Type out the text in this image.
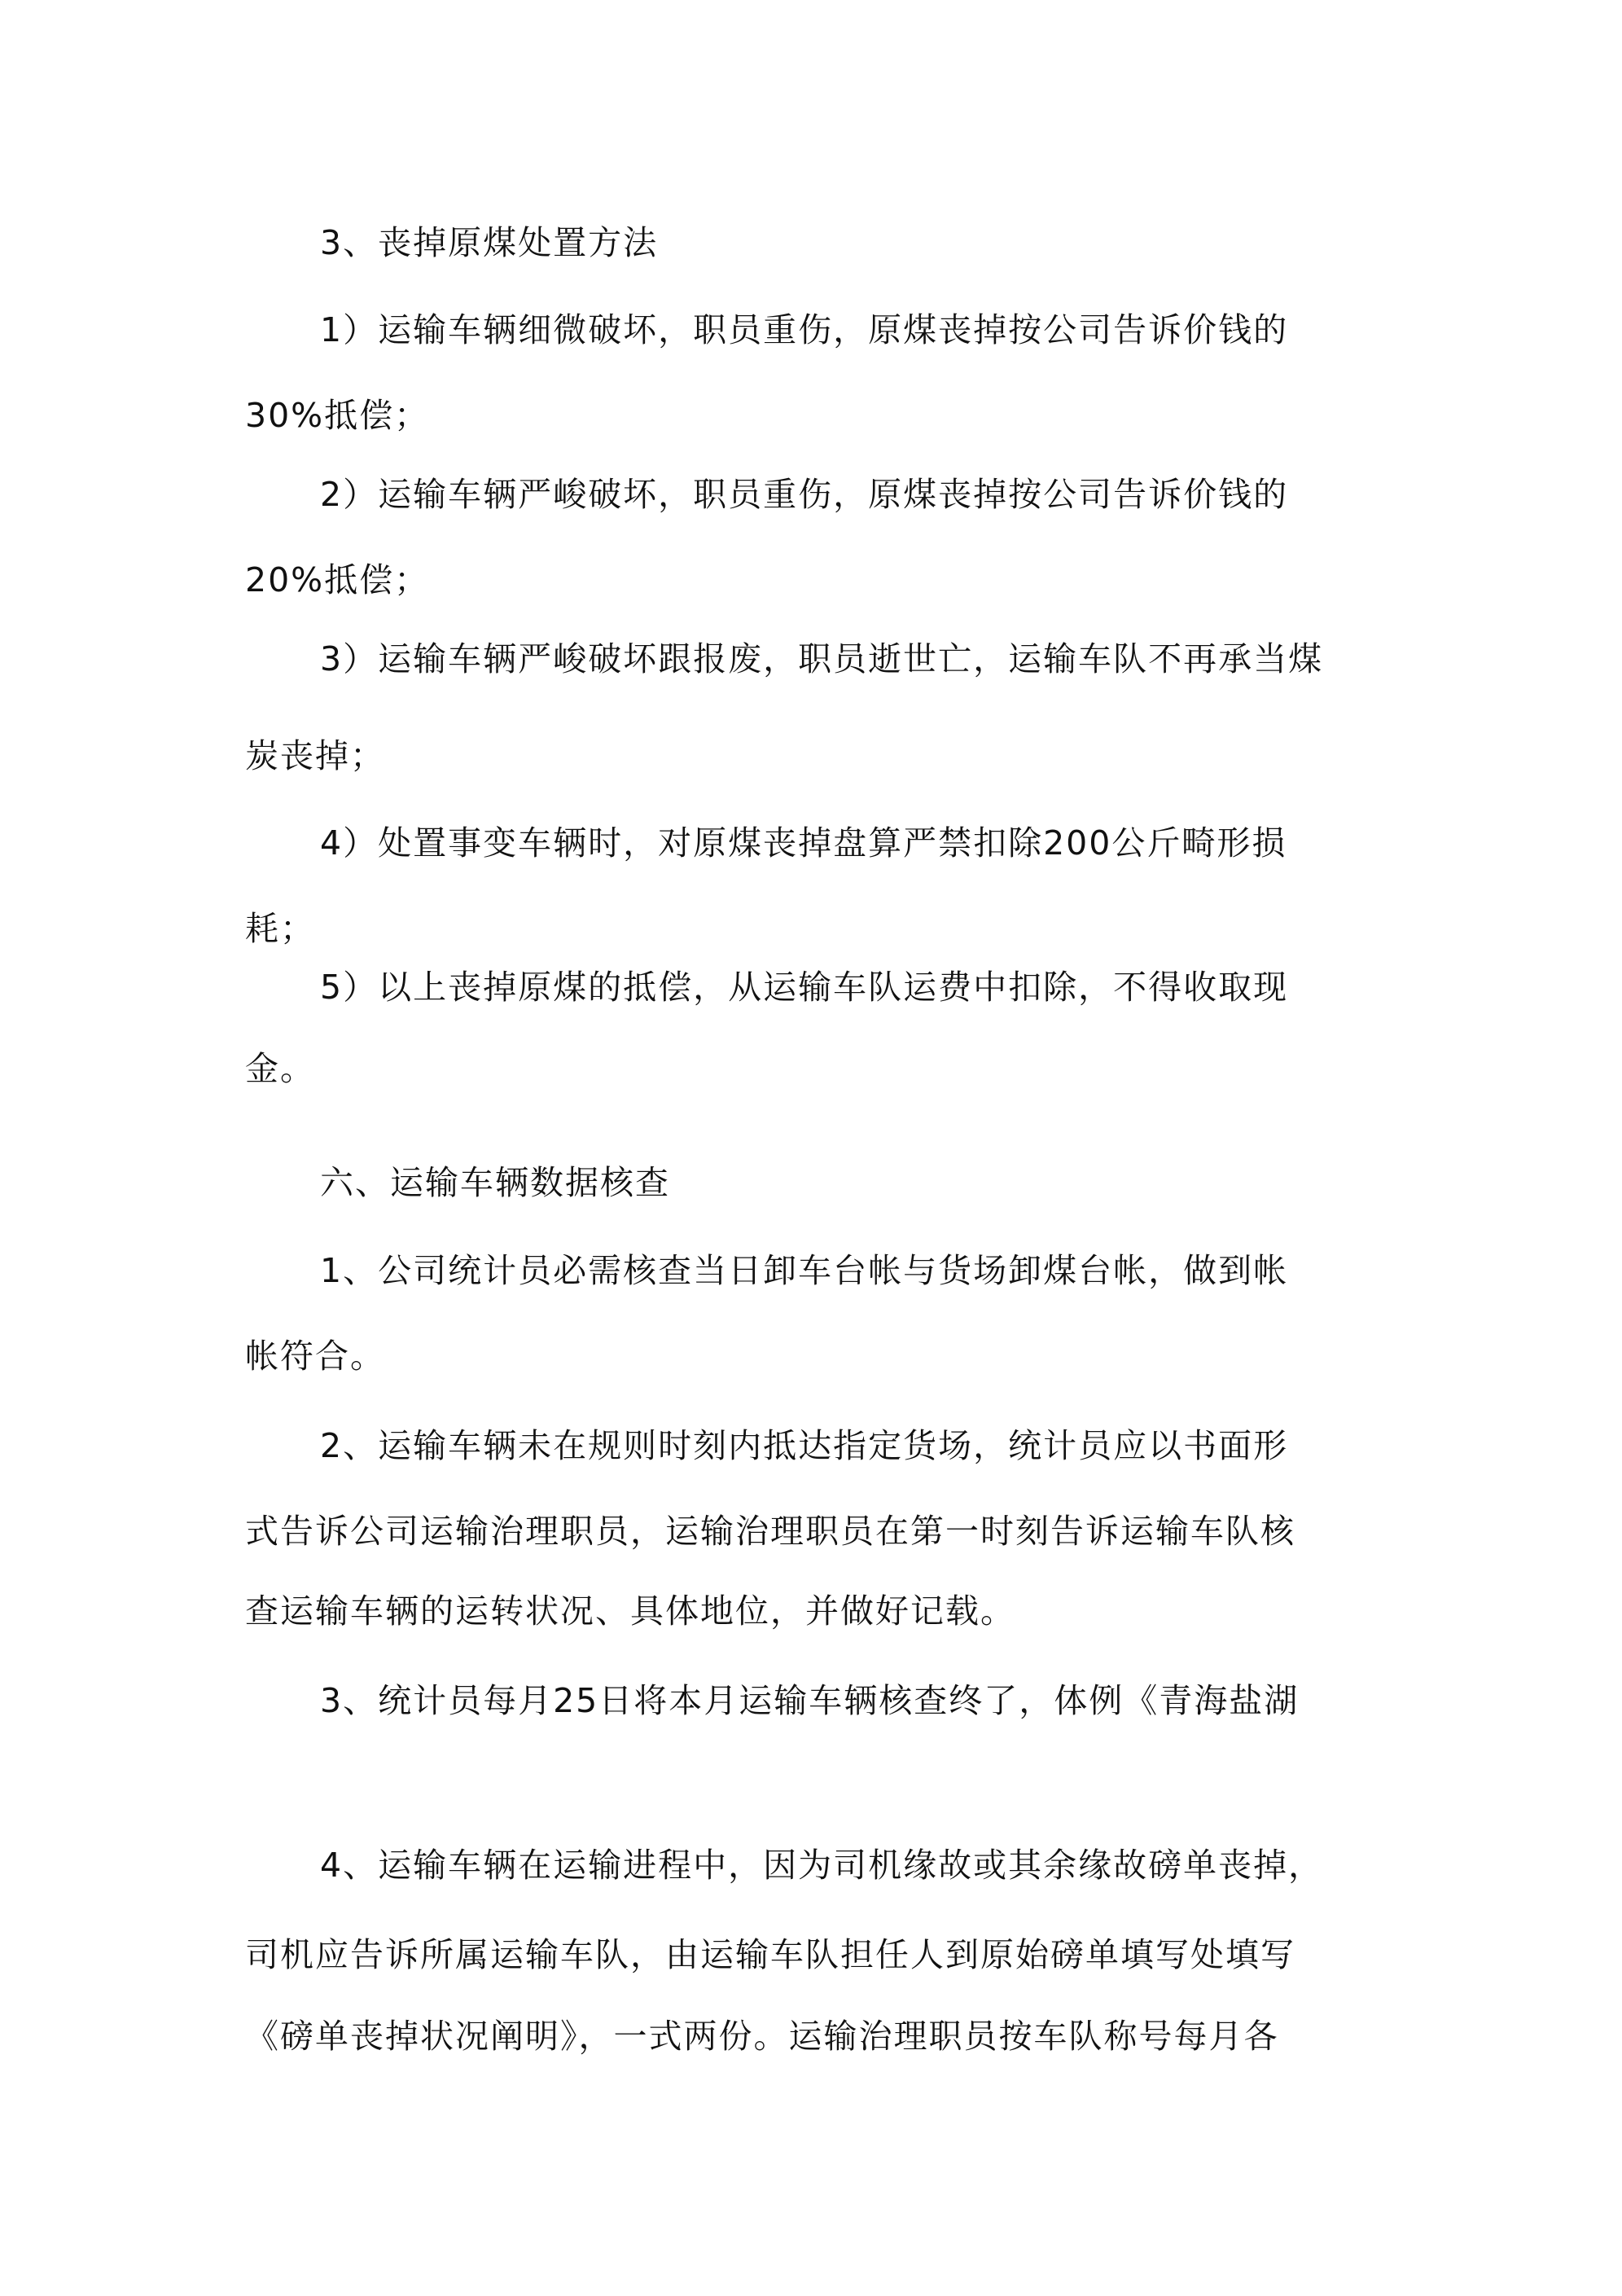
3、丧掉原煤处置方法
1）运输车辆细微破坏，职员重伤，原煤丧掉按公司告诉价钱的
30%抵偿；
2）运输车辆严峻破坏，职员重伤，原煤丧掉按公司告诉价钱的
20%抵偿；
3）运输车辆严峻破坏跟报废，职员逝世亡，运输车队不再承当煤
炭丧掉；
4）处置事变车辆时，对原煤丧掉盘算严禁扣除200公斤畸形损
耗；
5）以上丧掉原煤的抵偿，从运输车队运费中扣除，不得收取现
金。
六、运输车辆数据核查
1、公司统计员必需核查当日卸车台帐与货场卸煤台帐，做到帐
帐符合。
2、运输车辆未在规则时刻内抵达指定货场，统计员应以书面形
式告诉公司运输治理职员，运输治理职员在第一时刻告诉运输车队核
查运输车辆的运转状况、具体地位，并做好记载。
3、统计员每月25日将本月运输车辆核查终了，体例《青海盐湖
4、运输车辆在运输进程中，因为司机缘故或其余缘故磅单丧掉，
司机应告诉所属运输车队，由运输车队担任人到原始磅单填写处填写
《磅单丧掉状况阐明》，一式两份。运输治理职员按车队称号每月各
